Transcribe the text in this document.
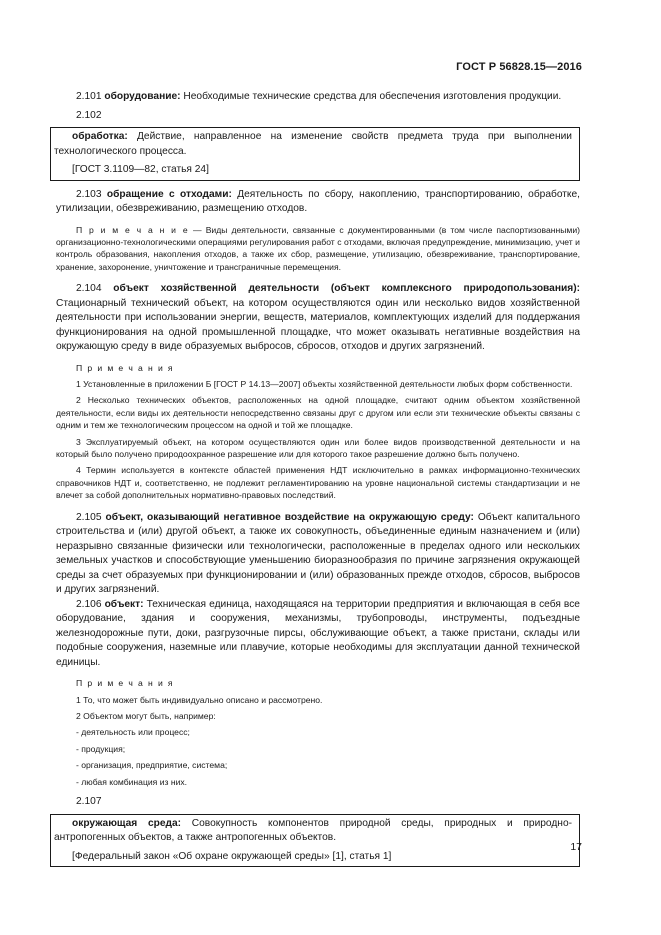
ГОСТ Р 56828.15—2016

2.101 оборудование: Необходимые технические средства для обеспечения изготовления продукции.

2.102

обработка: Действие, направленное на изменение свойств предмета труда при выполнении технологического процесса.

[ГОСТ 3.1109—82, статья 24]

2.103 обращение с отходами: Деятельность по сбору, накоплению, транспортированию, обработке, утилизации, обезвреживанию, размещению отходов.

П р и м е ч а н и е — Виды деятельности, связанные с документированными (в том числе паспортизованными) организационно-технологическими операциями регулирования работ с отходами, включая предупреждение, минимизацию, учет и контроль образования, накопления отходов, а также их сбор, размещение, утилизацию, обезвреживание, транспортирование, хранение, захоронение, уничтожение и трансграничные перемещения.

2.104 объект хозяйственной деятельности (объект комплексного природопользования): Стационарный технический объект, на котором осуществляются один или несколько видов хозяйственной деятельности при использовании энергии, веществ, материалов, комплектующих изделий для поддержания функционирования на одной промышленной площадке, что может оказывать негативные воздействия на окружающую среду в виде образуемых выбросов, сбросов, отходов и других загрязнений.

П р и м е ч а н и я

1 Установленные в приложении Б [ГОСТ Р 14.13—2007] объекты хозяйственной деятельности любых форм собственности.

2 Несколько технических объектов, расположенных на одной площадке, считают одним объектом хозяйственной деятельности, если виды их деятельности непосредственно связаны друг с другом или если эти технические объекты связаны с одним и тем же технологическим процессом на одной и той же площадке.

3 Эксплуатируемый объект, на котором осуществляются один или более видов производственной деятельности и на который было получено природоохранное разрешение или для которого такое разрешение должно быть получено.

4 Термин используется в контексте областей применения НДТ исключительно в рамках информационно-технических справочников НДТ и, соответственно, не подлежит регламентированию на уровне национальной системы стандартизации и не влечет за собой дополнительных нормативно-правовых последствий.

2.105 объект, оказывающий негативное воздействие на окружающую среду: Объект капитального строительства и (или) другой объект, а также их совокупность, объединенные единым назначением и (или) неразрывно связанные физически или технологически, расположенные в пределах одного или нескольких земельных участков и способствующие уменьшению биоразнообразия по причине загрязнения окружающей среды за счет образуемых при функционировании и (или) образованных прежде отходов, сбросов, выбросов и других загрязнений.

2.106 объект: Техническая единица, находящаяся на территории предприятия и включающая в себя все оборудование, здания и сооружения, механизмы, трубопроводы, инструменты, подъездные железнодорожные пути, доки, разгрузочные пирсы, обслуживающие объект, а также пристани, склады или подобные сооружения, наземные или плавучие, которые необходимы для эксплуатации данной технической единицы.

П р и м е ч а н и я

1 То, что может быть индивидуально описано и рассмотрено.

2 Объектом могут быть, например:

- деятельность или процесс;

- продукция;

- организация, предприятие, система;

- любая комбинация из них.

2.107

окружающая среда: Совокупность компонентов природной среды, природных и природно-антропогенных объектов, а также антропогенных объектов.

[Федеральный закон «Об охране окружающей среды» [1], статья 1]

17
